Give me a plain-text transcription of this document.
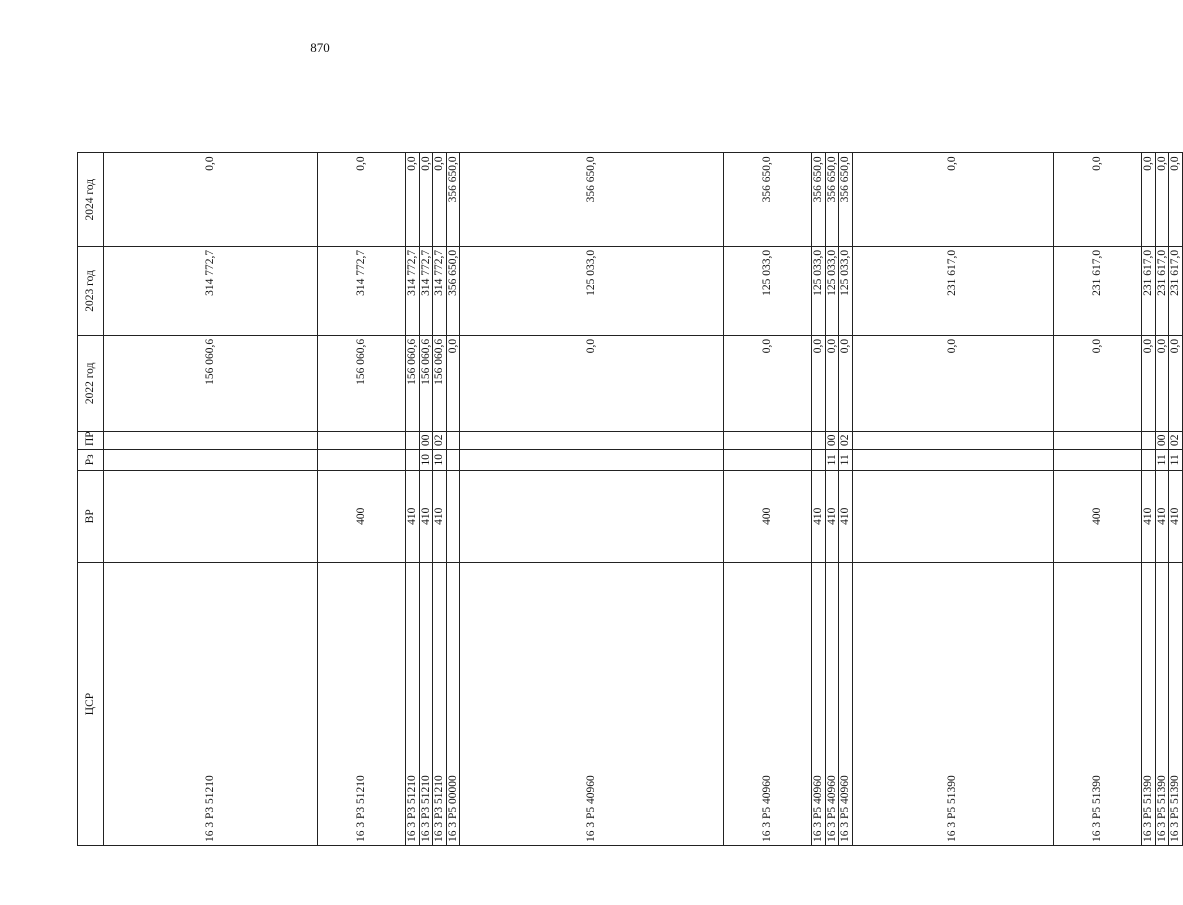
870
	ЦСР	ВР	Рз	ПР	2022 год	2023 год	2024 год
	16 3 P3 51210				156 060,6	314 772,7	0,0
	16 3 P3 51210	400			156 060,6	314 772,7	0,0
	16 3 P3 51210	410			156 060,6	314 772,7	0,0
	16 3 P3 51210	410	10	00	156 060,6	314 772,7	0,0
	16 3 P3 51210	410	10	02	156 060,6	314 772,7	0,0
	16 3 P5 00000				0,0	356 650,0	356 650,0
	16 3 P5 40960				0,0	125 033,0	356 650,0
	16 3 P5 40960	400			0,0	125 033,0	356 650,0
	16 3 P5 40960	410			0,0	125 033,0	356 650,0
	16 3 P5 40960	410	11	00	0,0	125 033,0	356 650,0
	16 3 P5 40960	410	11	02	0,0	125 033,0	356 650,0
	16 3 P5 51390				0,0	231 617,0	0,0
	16 3 P5 51390	400			0,0	231 617,0	0,0
	16 3 P5 51390	410			0,0	231 617,0	0,0
	16 3 P5 51390	410	11	00	0,0	231 617,0	0,0
	16 3 P5 51390	410	11	02	0,0	231 617,0	0,0
